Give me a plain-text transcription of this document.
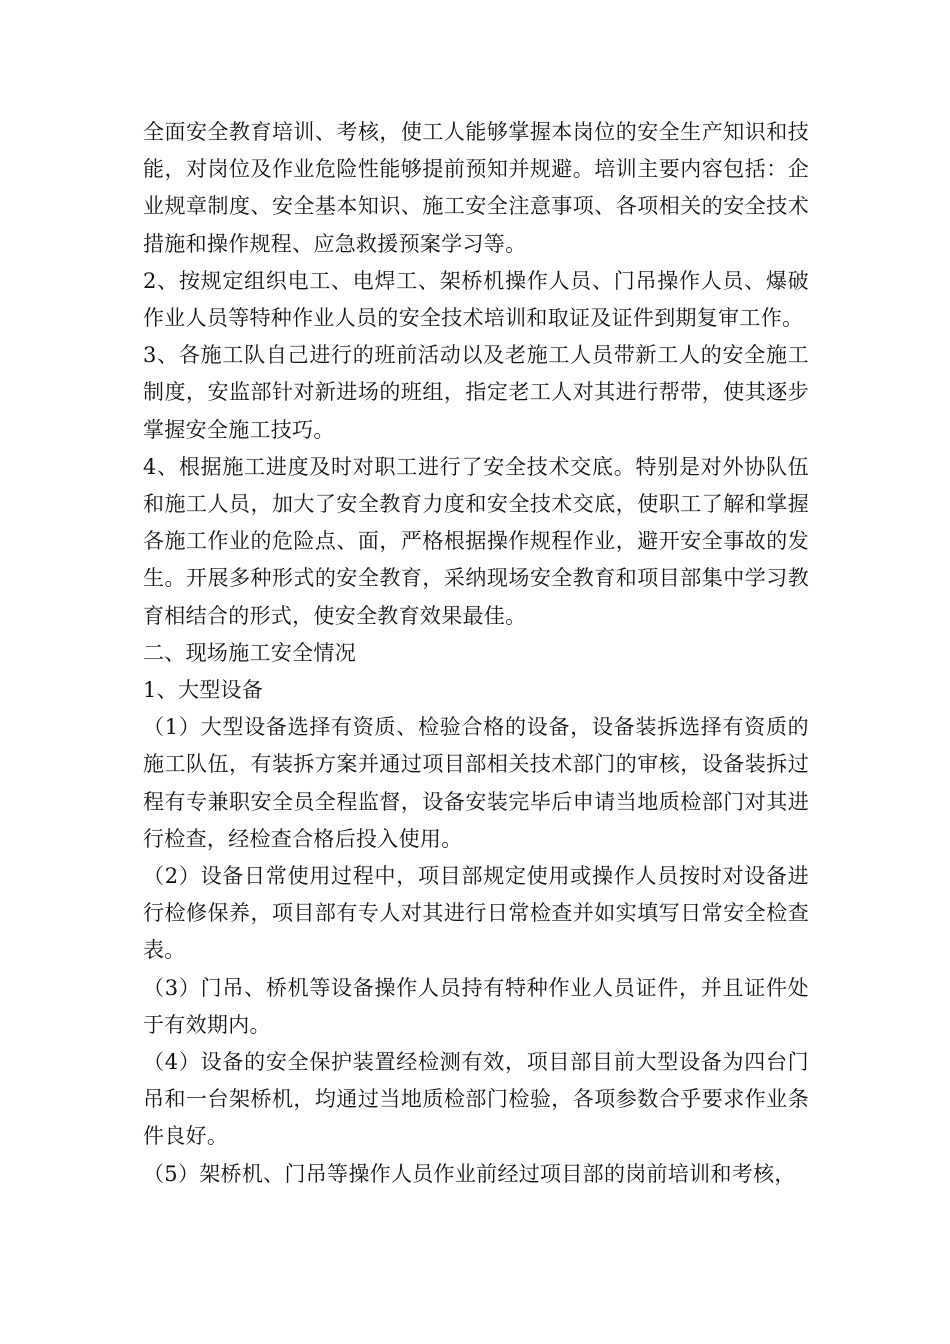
全面安全教育培训、考核，使工人能够掌握本岗位的安全生产知识和技能，对岗位及作业危险性能够提前预知并规避。培训主要内容包括：企业规章制度、安全基本知识、施工安全注意事项、各项相关的安全技术措施和操作规程、应急救援预案学习等。

2、按规定组织电工、电焊工、架桥机操作人员、门吊操作人员、爆破作业人员等特种作业人员的安全技术培训和取证及证件到期复审工作。

3、各施工队自己进行的班前活动以及老施工人员带新工人的安全施工制度，安监部针对新进场的班组，指定老工人对其进行帮带，使其逐步掌握安全施工技巧。

4、根据施工进度及时对职工进行了安全技术交底。特别是对外协队伍和施工人员，加大了安全教育力度和安全技术交底，使职工了解和掌握各施工作业的危险点、面，严格根据操作规程作业，避开安全事故的发生。开展多种形式的安全教育，采纳现场安全教育和项目部集中学习教育相结合的形式，使安全教育效果最佳。

二、现场施工安全情况

1、大型设备

（1）大型设备选择有资质、检验合格的设备，设备装拆选择有资质的施工队伍，有装拆方案并通过项目部相关技术部门的审核，设备装拆过程有专兼职安全员全程监督，设备安装完毕后申请当地质检部门对其进行检查，经检查合格后投入使用。

（2）设备日常使用过程中，项目部规定使用或操作人员按时对设备进行检修保养，项目部有专人对其进行日常检查并如实填写日常安全检查表。

（3）门吊、桥机等设备操作人员持有特种作业人员证件，并且证件处于有效期内。

（4）设备的安全保护装置经检测有效，项目部目前大型设备为四台门吊和一台架桥机，均通过当地质检部门检验，各项参数合乎要求作业条件良好。

（5）架桥机、门吊等操作人员作业前经过项目部的岗前培训和考核，
